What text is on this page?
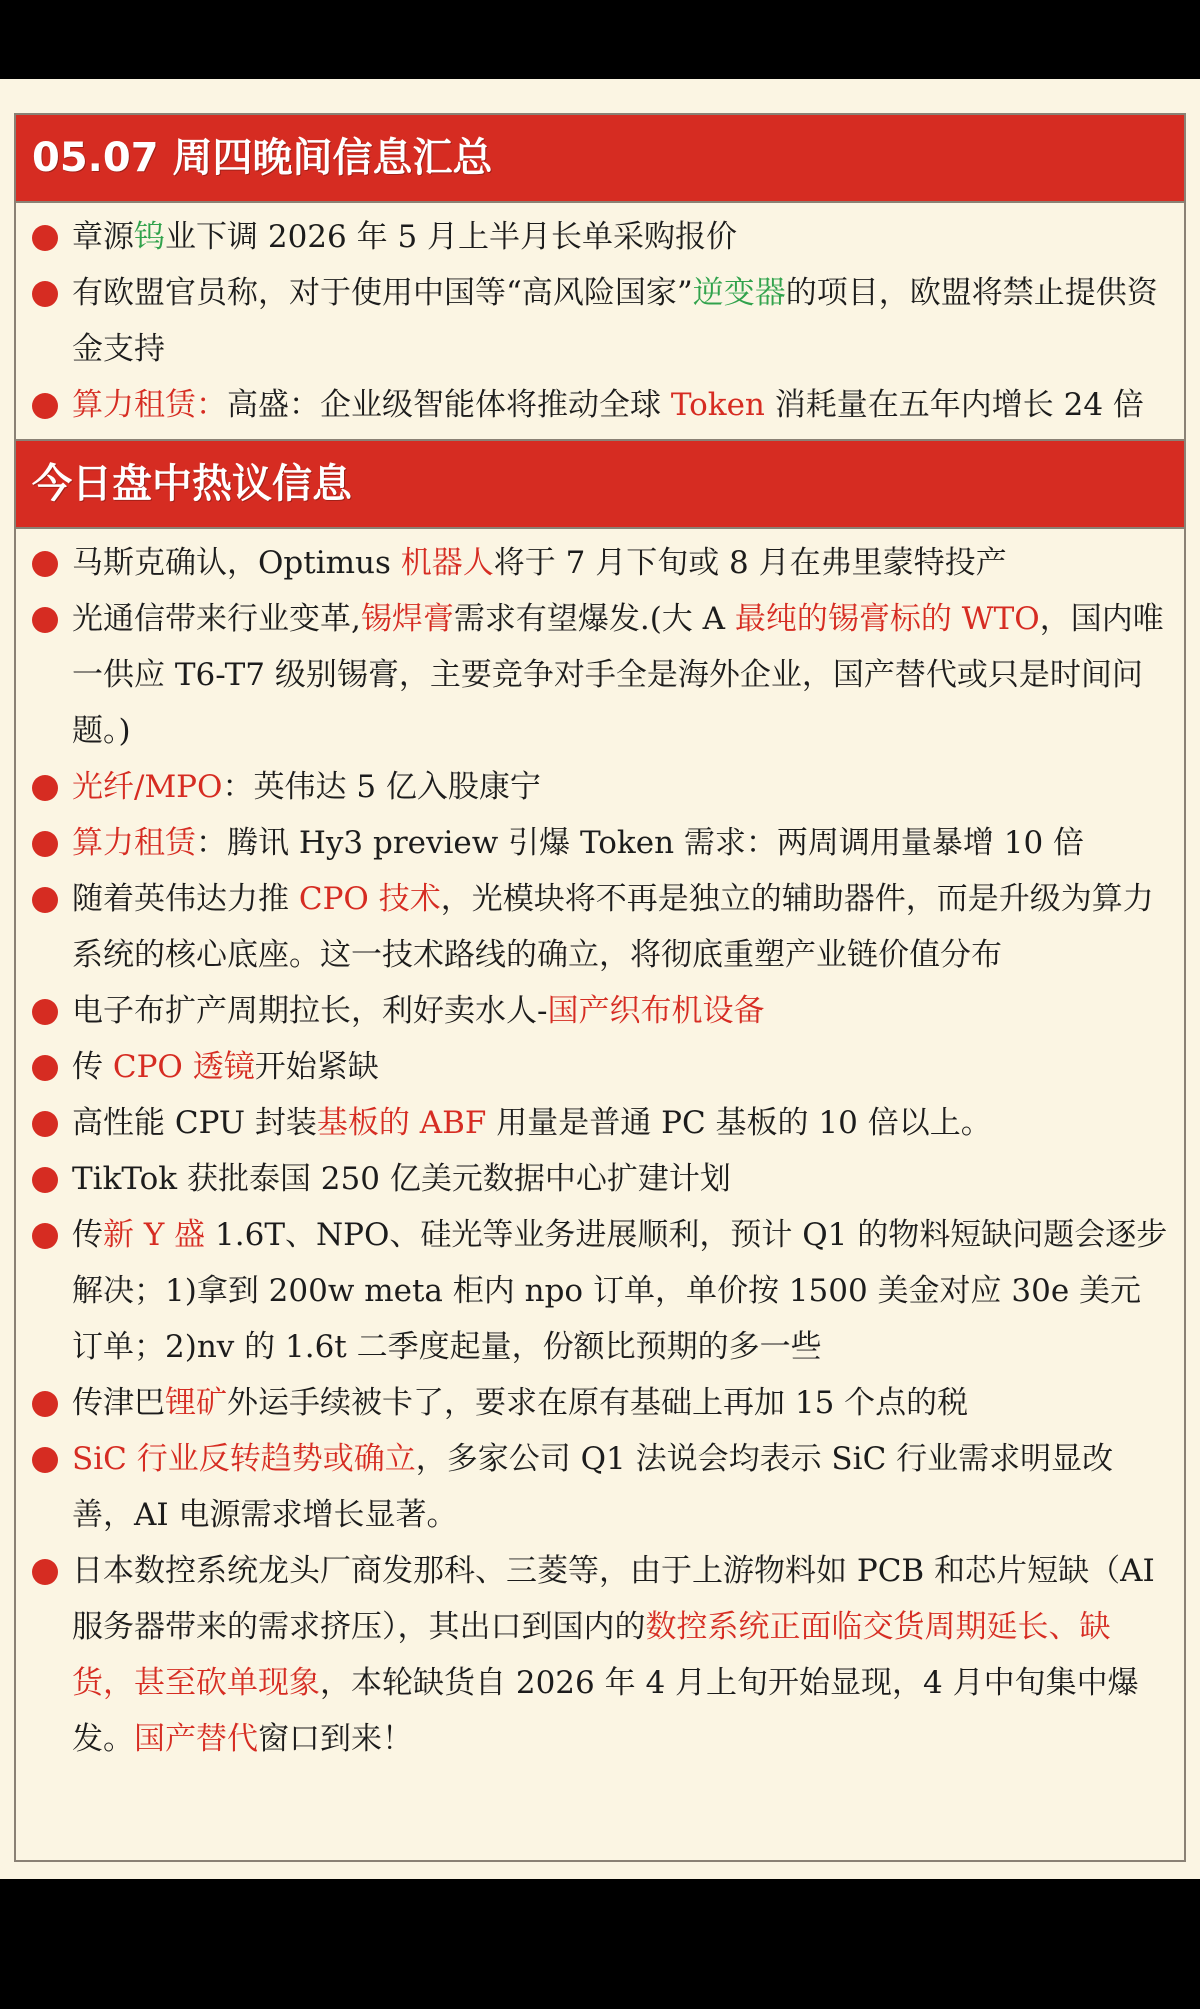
05.07 周四晚间信息汇总
章源钨业下调 2026 年 5 月上半月长单采购报价
有欧盟官员称，对于使用中国等“高风险国家”逆变器的项目，欧盟将禁止提供资金支持
算力租赁：高盛：企业级智能体将推动全球 Token 消耗量在五年内增长 24 倍
今日盘中热议信息
马斯克确认，Optimus 机器人将于 7 月下旬或 8 月在弗里蒙特投产
光通信带来行业变革,锡焊膏需求有望爆发.(大 A 最纯的锡膏标的 WTO，国内唯一供应 T6-T7 级别锡膏，主要竞争对手全是海外企业，国产替代或只是时间问题。)
光纤/MPO：英伟达 5 亿入股康宁
算力租赁：腾讯 Hy3 preview 引爆 Token 需求：两周调用量暴增 10 倍
随着英伟达力推 CPO 技术，光模块将不再是独立的辅助器件，而是升级为算力系统的核心底座。这一技术路线的确立，将彻底重塑产业链价值分布
电子布扩产周期拉长，利好卖水人-国产织布机设备
传 CPO 透镜开始紧缺
高性能 CPU 封装基板的 ABF 用量是普通 PC 基板的 10 倍以上。
TikTok 获批泰国 250 亿美元数据中心扩建计划
传新 Y 盛 1.6T、NPO、硅光等业务进展顺利，预计 Q1 的物料短缺问题会逐步解决；1)拿到 200w meta 柜内 npo 订单，单价按 1500 美金对应 30e 美元订单；2)nv 的 1.6t 二季度起量，份额比预期的多一些
传津巴锂矿外运手续被卡了，要求在原有基础上再加 15 个点的税
SiC 行业反转趋势或确立，多家公司 Q1 法说会均表示 SiC 行业需求明显改善，AI 电源需求增长显著。
日本数控系统龙头厂商发那科、三菱等，由于上游物料如 PCB 和芯片短缺（AI 服务器带来的需求挤压），其出口到国内的数控系统正面临交货周期延长、缺货，甚至砍单现象，本轮缺货自 2026 年 4 月上旬开始显现，4 月中旬集中爆发。国产替代窗口到来！
